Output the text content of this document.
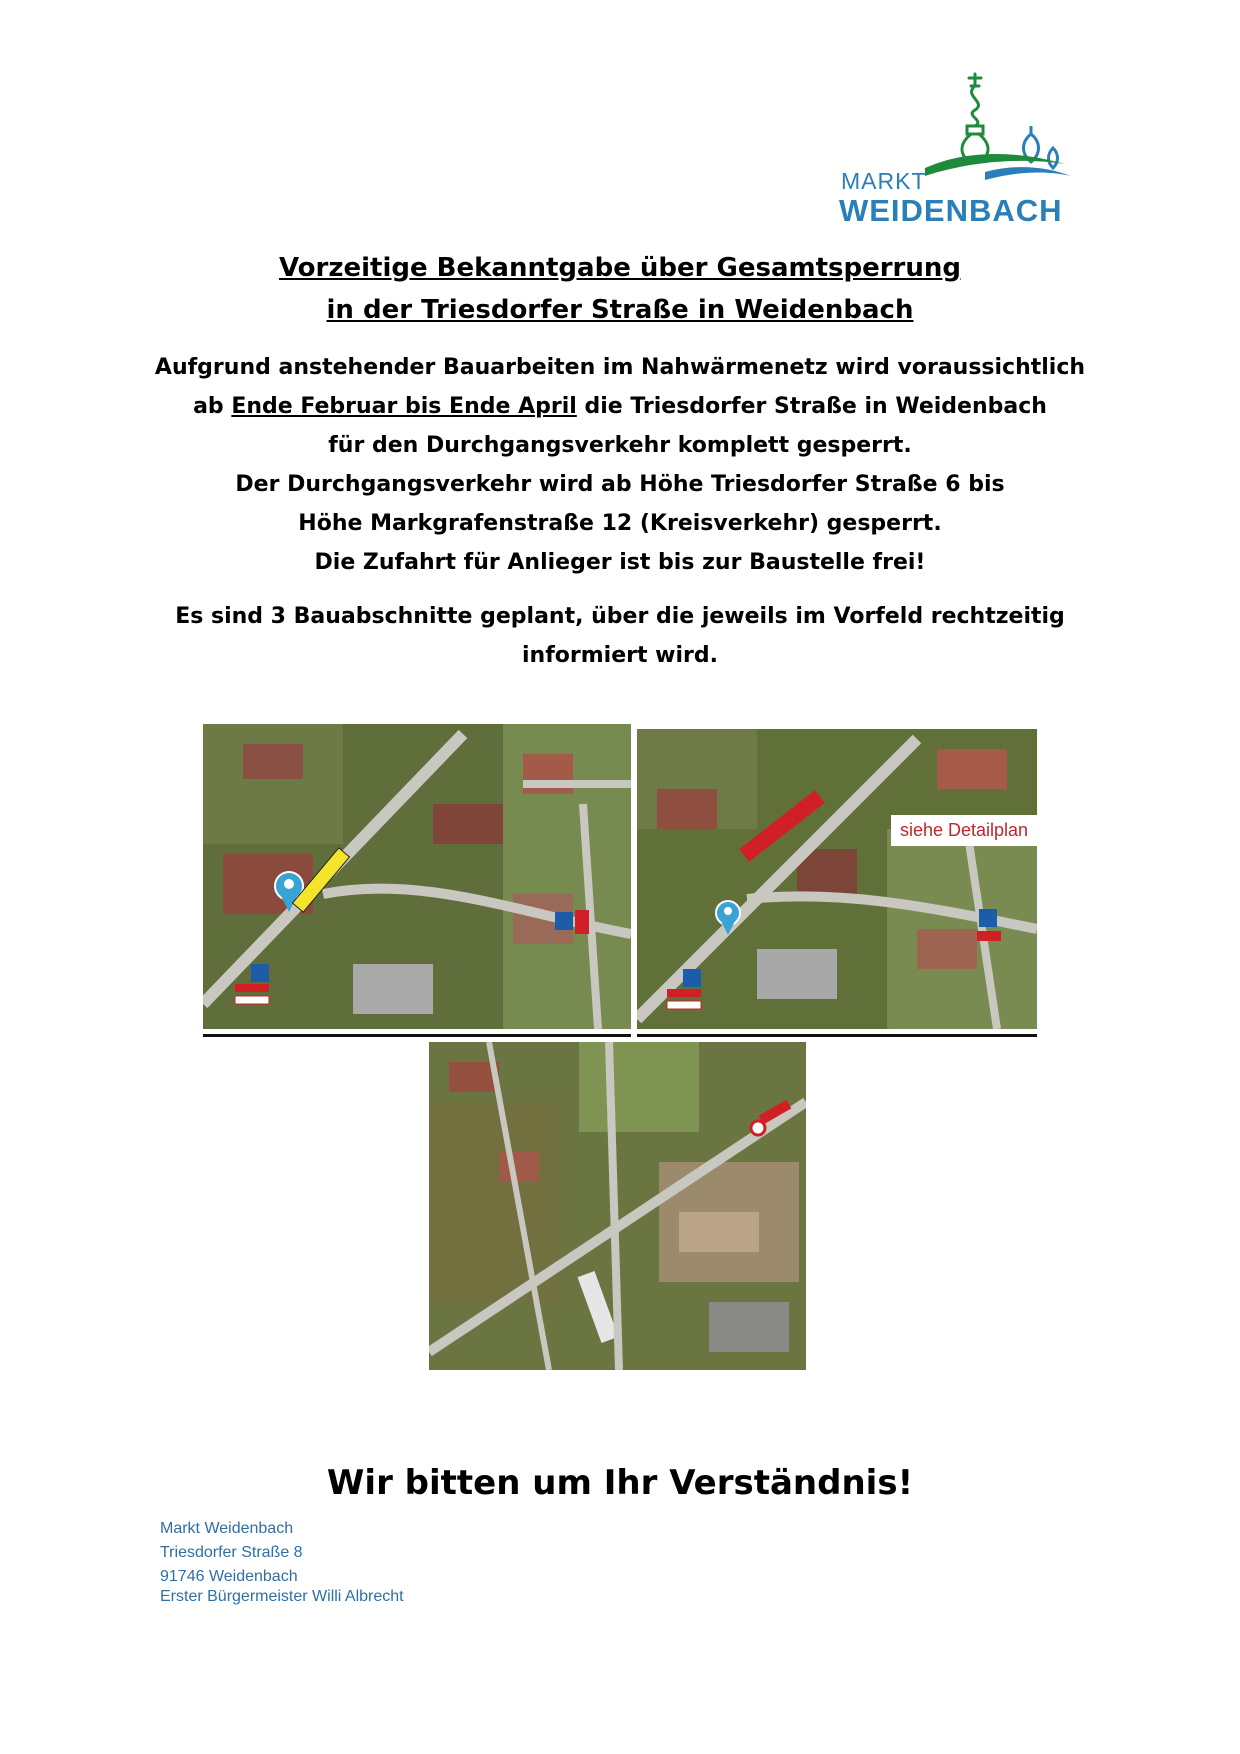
MARKT
WEIDENBACH
Vorzeitige Bekanntgabe über Gesamtsperrung
in der Triesdorfer Straße in Weidenbach
Aufgrund anstehender Bauarbeiten im Nahwärmenetz wird voraussichtlich
ab Ende Februar bis Ende April die Triesdorfer Straße in Weidenbach
für den Durchgangsverkehr komplett gesperrt.
Der Durchgangsverkehr wird ab Höhe Triesdorfer Straße 6 bis
Höhe Markgrafenstraße 12 (Kreisverkehr) gesperrt.
Die Zufahrt für Anlieger ist bis zur Baustelle frei!
Es sind 3 Bauabschnitte geplant, über die jeweils im Vorfeld rechtzeitig
informiert wird.
siehe Detailplan
Wir bitten um Ihr Verständnis!
Markt Weidenbach
Triesdorfer Straße 8
91746 Weidenbach
Erster Bürgermeister Willi Albrecht
